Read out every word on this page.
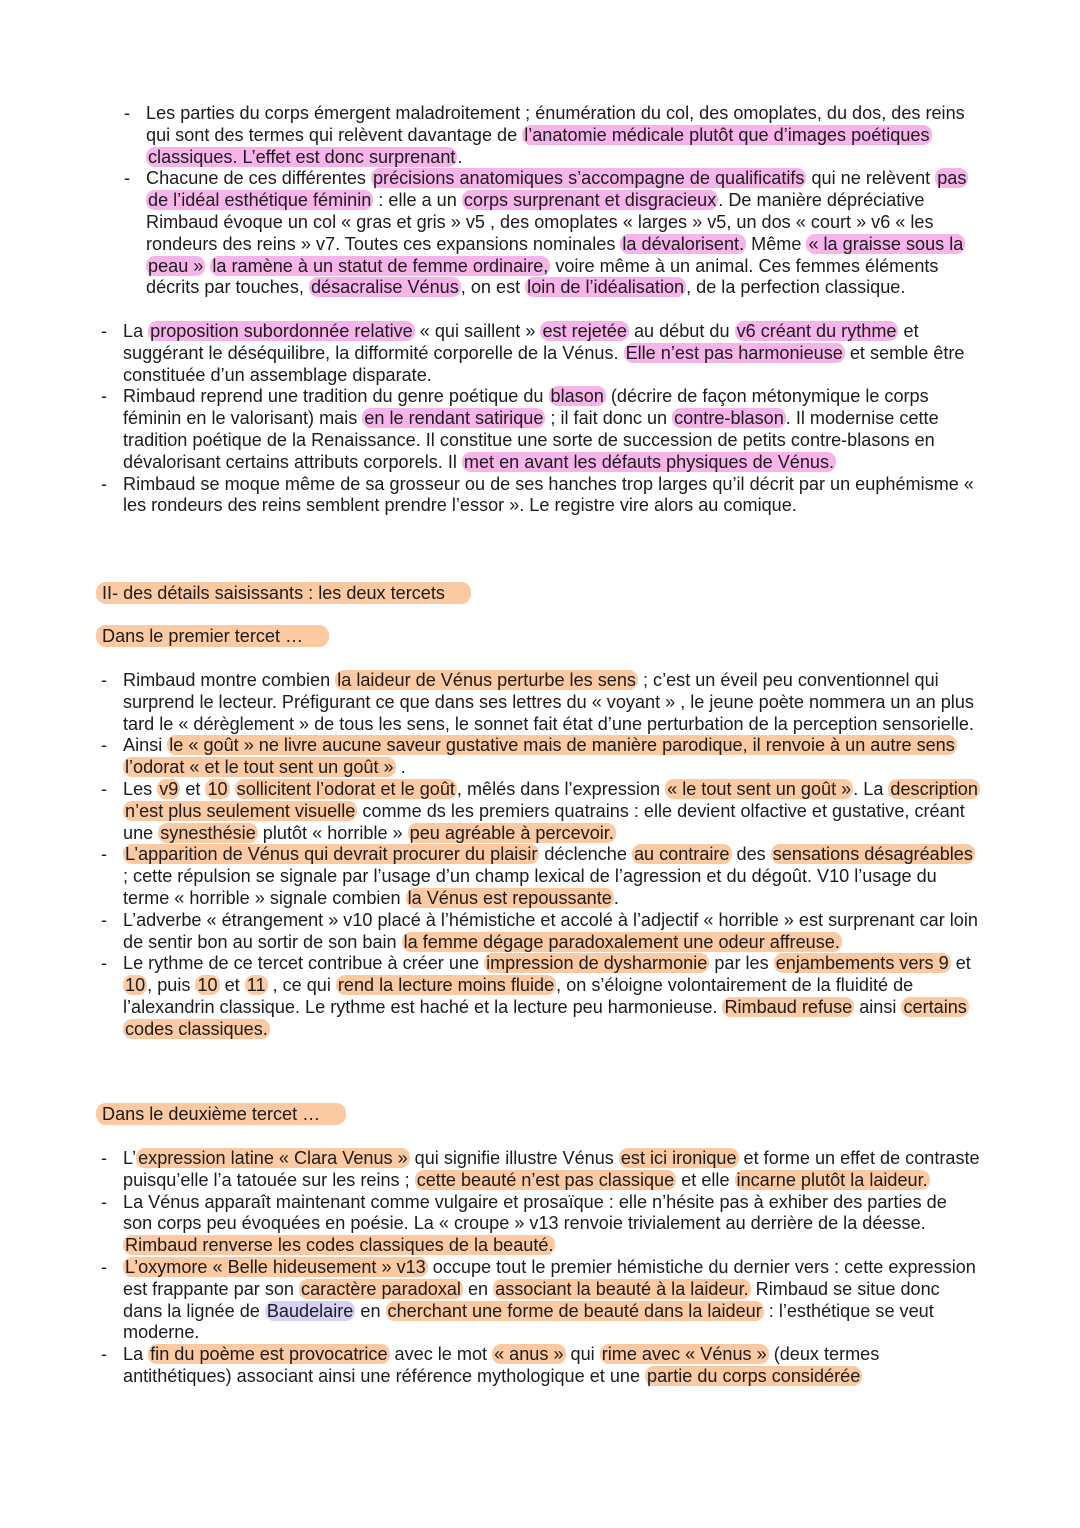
- Les parties du corps émergent maladroitement ; énumération du col, des omoplates, du dos, des reins qui sont des termes qui relèvent davantage de l’anatomie médicale plutôt que d’images poétiques classiques. L’effet est donc surprenant .
- Chacune de ces différentes précisions anatomiques s’accompagne de qualificatifs qui ne relèvent pas de l’idéal esthétique féminin : elle a un corps surprenant et disgracieux . De manière dépréciative Rimbaud évoque un col « gras et gris » v5 , des omoplates « larges » v5, un dos « court » v6 « les rondeurs des reins » v7. Toutes ces expansions nominales la dévalorisent. Même « la graisse sous la peau » la ramène à un statut de femme ordinaire, voire même à un animal. Ces femmes éléments décrits par touches, désacralise Vénus , on est loin de l’idéalisation , de la perfection classique.
- La proposition subordonnée relative « qui saillent » est rejetée au début du v6 créant du rythme et suggérant le déséquilibre, la difformité corporelle de la Vénus. Elle n’est pas harmonieuse et semble être constituée d’un assemblage disparate.
- Rimbaud reprend une tradition du genre poétique du blason (décrire de façon métonymique le corps féminin en le valorisant) mais en le rendant satirique ; il fait donc un contre-blason . Il modernise cette tradition poétique de la Renaissance. Il constitue une sorte de succession de petits contre-blasons en dévalorisant certains attributs corporels. Il met en avant les défauts physiques de Vénus.
- Rimbaud se moque même de sa grosseur ou de ses hanches trop larges qu’il décrit par un euphémisme « les rondeurs des reins semblent prendre l’essor ». Le registre vire alors au comique.
II- des détails saisissants : les deux tercets
Dans le premier tercet …
- Rimbaud montre combien la laideur de Vénus perturbe les sens ; c’est un éveil peu conventionnel qui surprend le lecteur. Préfigurant ce que dans ses lettres du « voyant » , le jeune poète nommera un an plus tard le « dérèglement » de tous les sens, le sonnet fait état d’une perturbation de la perception sensorielle.
- Ainsi le « goût » ne livre aucune saveur gustative mais de manière parodique, il renvoie à un autre sens l’odorat « et le tout sent un goût » .
- Les v9 et 10 sollicitent l’odorat et le goût , mêlés dans l’expression « le tout sent un goût » . La description n’est plus seulement visuelle comme ds les premiers quatrains : elle devient olfactive et gustative, créant une synesthésie plutôt « horrible » peu agréable à percevoir.
- L’apparition de Vénus qui devrait procurer du plaisir déclenche au contraire des sensations désagréables ; cette répulsion se signale par l’usage d’un champ lexical de l’agression et du dégoût. V10 l’usage du terme « horrible » signale combien la Vénus est repoussante .
- L’adverbe « étrangement » v10 placé à l’hémistiche et accolé à l’adjectif « horrible » est surprenant car loin de sentir bon au sortir de son bain la femme dégage paradoxalement une odeur affreuse.
- Le rythme de ce tercet contribue à créer une impression de dysharmonie par les enjambements vers 9 et 10 , puis 10 et 11 , ce qui rend la lecture moins fluide , on s’éloigne volontairement de la fluidité de l’alexandrin classique. Le rythme est haché et la lecture peu harmonieuse. Rimbaud refuse ainsi certains codes classiques.
Dans le deuxième tercet …
- L’ expression latine « Clara Venus » qui signifie illustre Vénus est ici ironique et forme un effet de contraste puisqu’elle l’a tatouée sur les reins ; cette beauté n’est pas classique et elle incarne plutôt la laideur.
- La Vénus apparaît maintenant comme vulgaire et prosaïque : elle n’hésite pas à exhiber des parties de son corps peu évoquées en poésie. La « croupe » v13 renvoie trivialement au derrière de la déesse. Rimbaud renverse les codes classiques de la beauté.
- L’oxymore « Belle hideusement » v13 occupe tout le premier hémistiche du dernier vers : cette expression est frappante par son caractère paradoxal en associant la beauté à la laideur. Rimbaud se situe donc dans la lignée de Baudelaire en cherchant une forme de beauté dans la laideur : l’esthétique se veut moderne.
- La fin du poème est provocatrice avec le mot « anus » qui rime avec « Vénus » (deux termes antithétiques) associant ainsi une référence mythologique et une partie du corps considérée
